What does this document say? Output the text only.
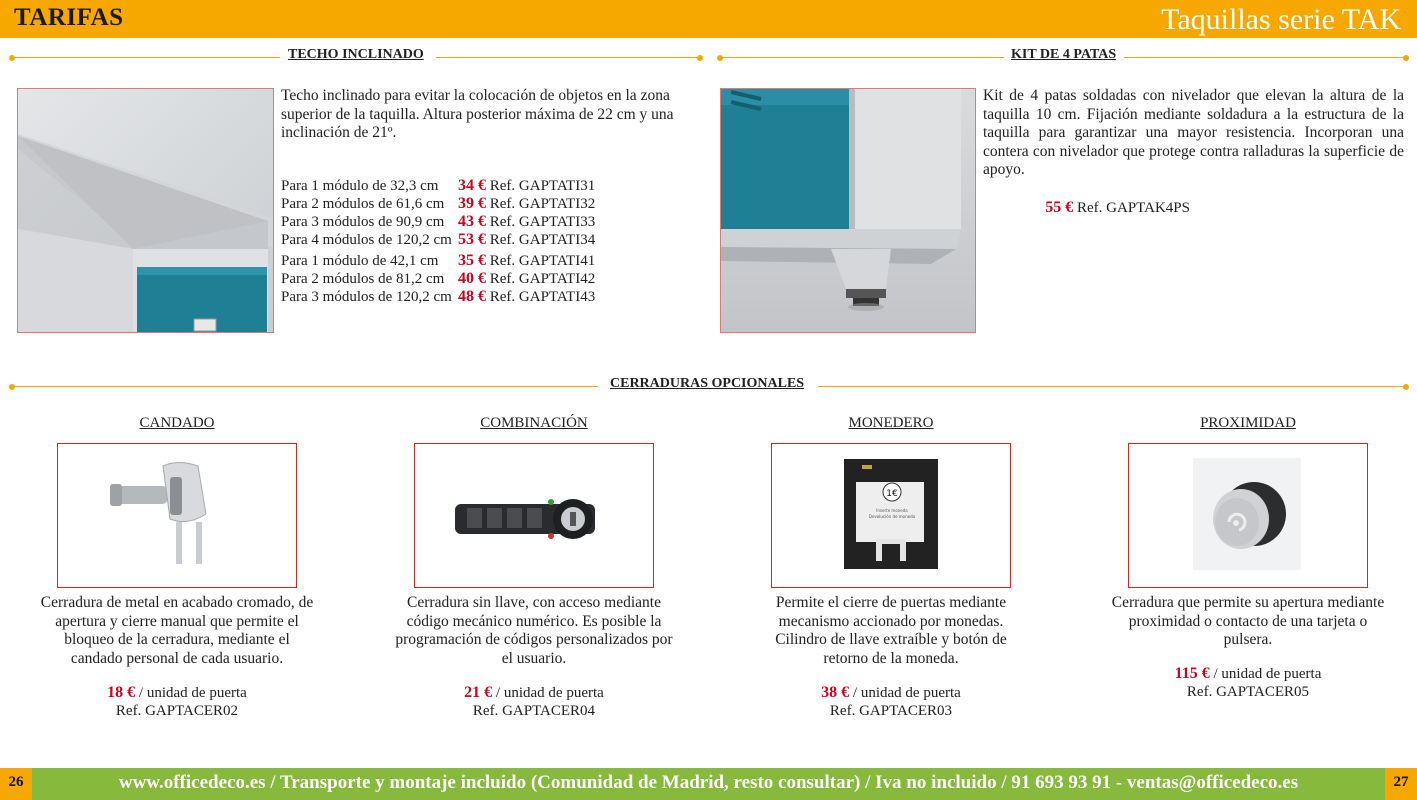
TARIFAS	Taquillas serie TAK
TECHO INCLINADO	KIT DE 4 PATAS
Techo inclinado para evitar la colocación de objetos en la zona superior de la taquilla. Altura posterior máxima de 22 cm y una inclinación de 21º.
Para 1 módulo de 32,3 cm 34 € Ref. GAPTATI31
Para 2 módulos de 61,6 cm 39 € Ref. GAPTATI32
Para 3 módulos de 90,9 cm 43 € Ref. GAPTATI33
Para 4 módulos de 120,2 cm 53 € Ref. GAPTATI34
Para 1 módulo de 42,1 cm 35 € Ref. GAPTATI41
Para 2 módulos de 81,2 cm 40 € Ref. GAPTATI42
Para 3 módulos de 120,2 cm 48 € Ref. GAPTATI43
Kit de 4 patas soldadas con nivelador que elevan la altura de la taquilla 10 cm. Fijación mediante soldadura a la estructura de la taquilla para garantizar una mayor resistencia. Incorporan una contera con nivelador que protege contra ralladuras la superficie de apoyo.
55 € Ref. GAPTAK4PS
CERRADURAS OPCIONALES
CANDADO
Cerradura de metal en acabado cromado, de apertura y cierre manual que permite el bloqueo de la cerradura, mediante el candado personal de cada usuario.
18 € / unidad de puerta
Ref. GAPTACER02
COMBINACIÓN
Cerradura sin llave, con acceso mediante código mecánico numérico. Es posible la programación de códigos personalizados por el usuario.
21 € / unidad de puerta
Ref. GAPTACER04
MONEDERO
1€
Inserte moneda
Devolución de moneda
Permite el cierre de puertas mediante mecanismo accionado por monedas. Cilindro de llave extraíble y botón de retorno de la moneda.
38 € / unidad de puerta
Ref. GAPTACER03
PROXIMIDAD
Cerradura que permite su apertura mediante proximidad o contacto de una tarjeta o pulsera.
115 € / unidad de puerta
Ref. GAPTACER05
26	27
www.officedeco.es / Transporte y montaje incluido (Comunidad de Madrid, resto consultar) / Iva no incluido / 91 693 93 91 - ventas@officedeco.es
